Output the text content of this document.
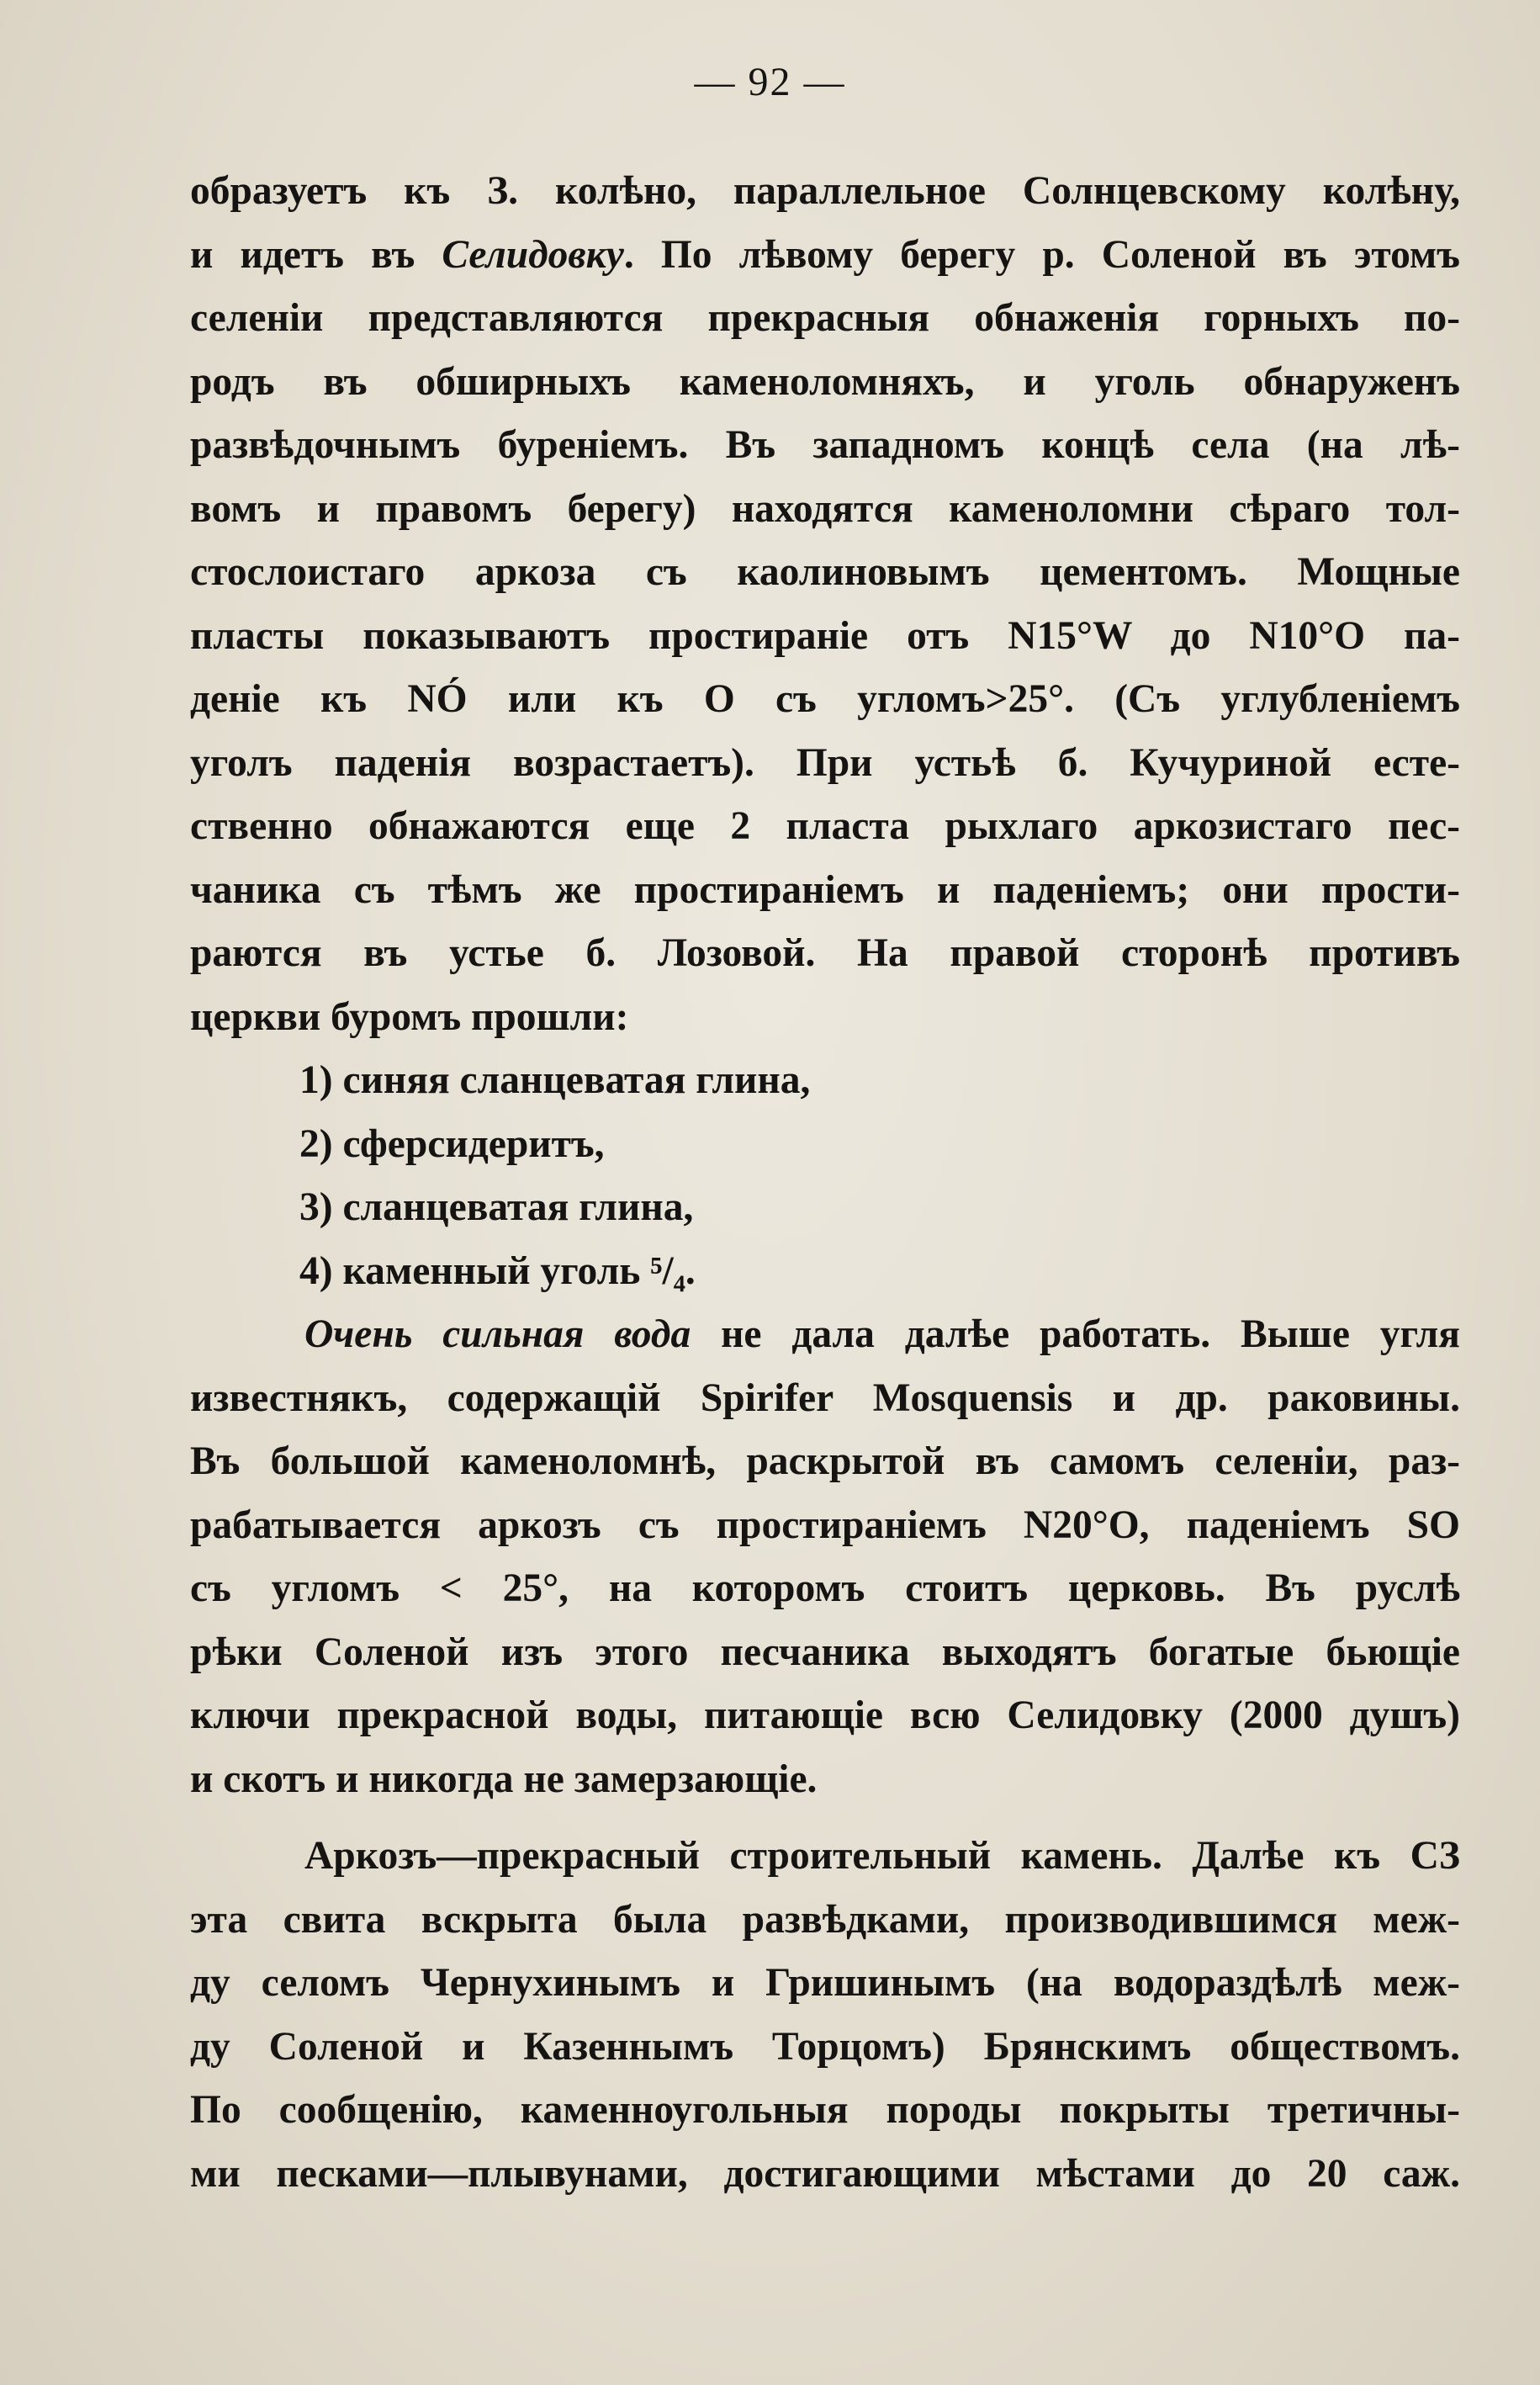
— 92 —
образуетъ къ З. колѣно, параллельное Солнцевскому колѣну,
и идетъ въ Селидовку. По лѣвому берегу р. Соленой въ этомъ
селеніи представляются прекрасныя обнаженія горныхъ по-
родъ въ обширныхъ каменоломняхъ, и уголь обнаруженъ
развѣдочнымъ буреніемъ. Въ западномъ концѣ села (на лѣ-
вомъ и правомъ берегу) находятся каменоломни сѣраго тол-
стослоистаго аркоза съ каолиновымъ цементомъ. Мощные
пласты показываютъ простираніе отъ N15°W до N10°O па-
деніе къ NÓ или къ O съ угломъ>25°. (Съ углубленіемъ
уголъ паденія возрастаетъ). При устьѣ б. Кучуриной есте-
ственно обнажаются еще 2 пласта рыхлаго аркозистаго пес-
чаника съ тѣмъ же простираніемъ и паденіемъ; они прости-
раются въ устье б. Лозовой. На правой сторонѣ противъ
церкви буромъ прошли:
1) синяя сланцеватая глина,
2) сферсидеритъ,
3) сланцеватая глина,
4) каменный уголь ⁵/₄.
Очень сильная вода не дала далѣе работать. Выше угля
известнякъ, содержащій Spirifer Mosquensis и др. раковины.
Въ большой каменоломнѣ, раскрытой въ самомъ селеніи, раз-
рабатывается аркозъ съ простираніемъ N20°O, паденіемъ SO
съ угломъ < 25°, на которомъ стоитъ церковь. Въ руслѣ
рѣки Соленой изъ этого песчаника выходятъ богатые бьющіе
ключи прекрасной воды, питающіе всю Селидовку (2000 душъ)
и скотъ и никогда не замерзающіе.
Аркозъ—прекрасный строительный камень. Далѣе къ СЗ
эта свита вскрыта была развѣдками, производившимся меж-
ду селомъ Чернухинымъ и Гришинымъ (на водораздѣлѣ меж-
ду Соленой и Казеннымъ Торцомъ) Брянскимъ обществомъ.
По сообщенію, каменноугольныя породы покрыты третичны-
ми песками—плывунами, достигающими мѣстами до 20 саж.
